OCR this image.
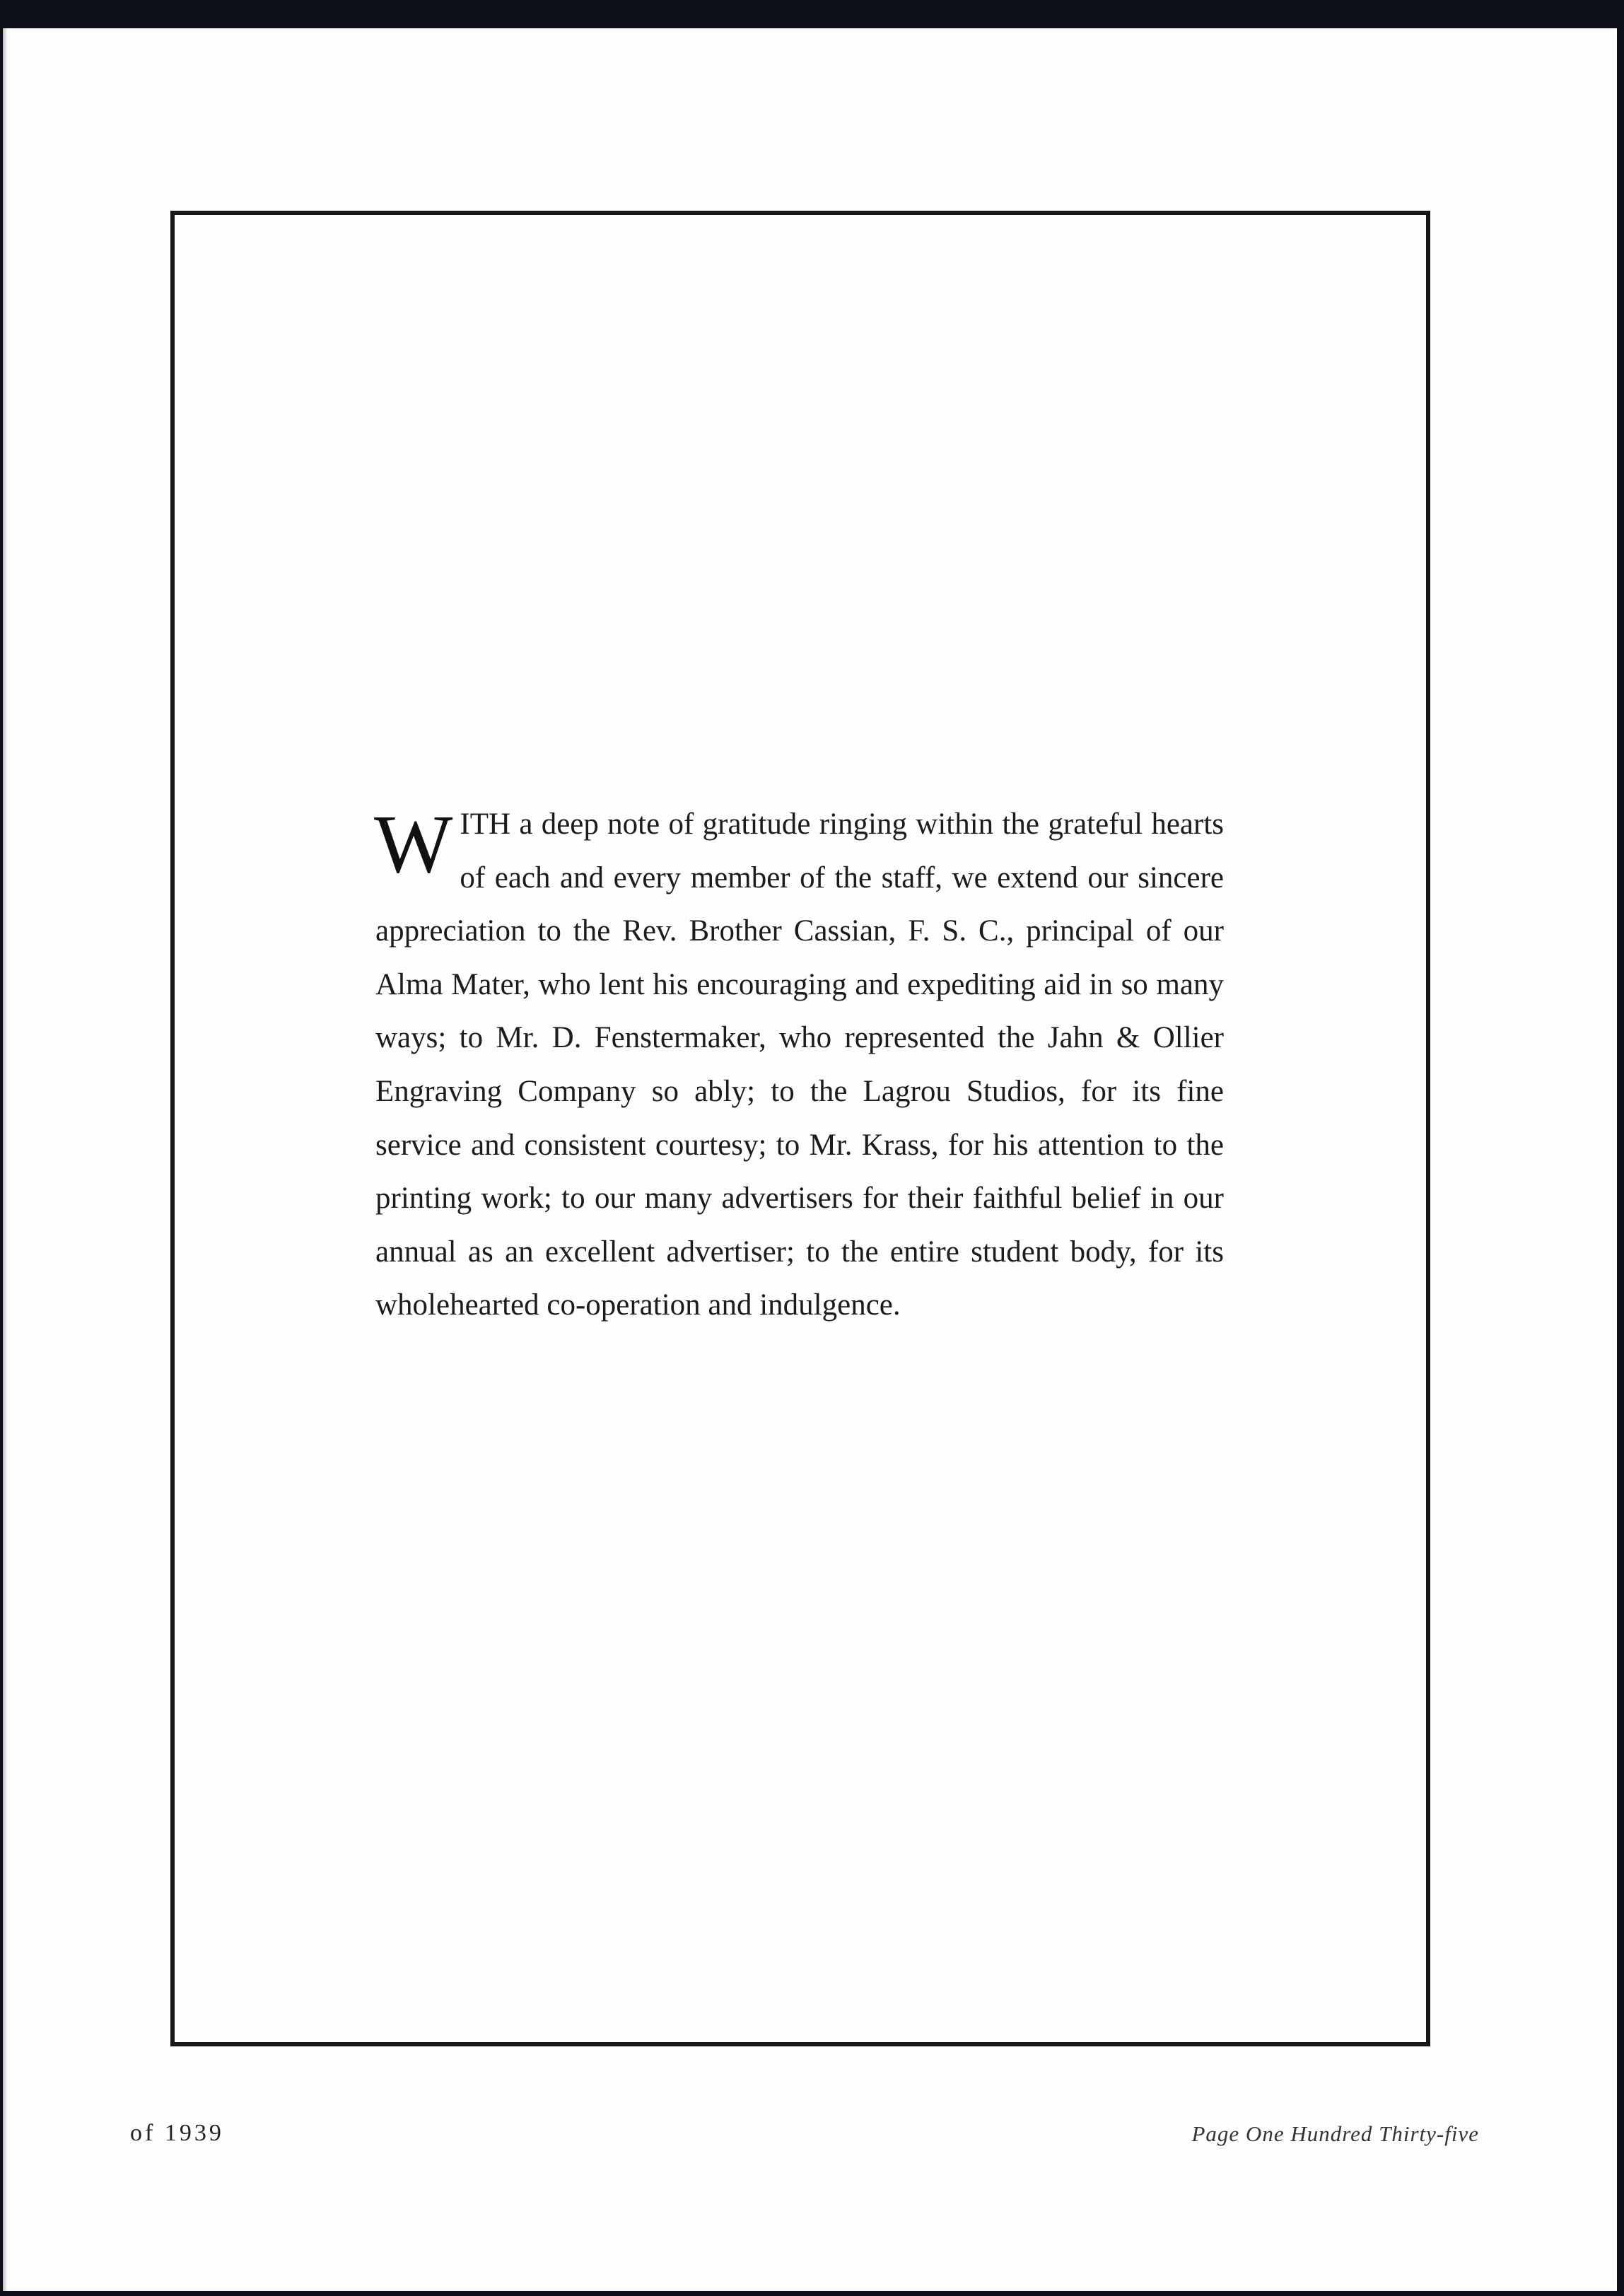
WITH a deep note of gratitude ringing within the grateful hearts of each and every member of the staff, we extend our sincere appreciation to the Rev. Brother Cassian, F. S. C., principal of our Alma Mater, who lent his encouraging and expediting aid in so many ways; to Mr. D. Fenstermaker, who represented the Jahn & Ollier Engraving Company so ably; to the Lagrou Studios, for its fine service and consistent courtesy; to Mr. Krass, for his attention to the printing work; to our many advertisers for their faithful belief in our annual as an excellent advertiser; to the entire student body, for its wholehearted co-operation and indulgence.

of 1939	Page One Hundred Thirty-five
